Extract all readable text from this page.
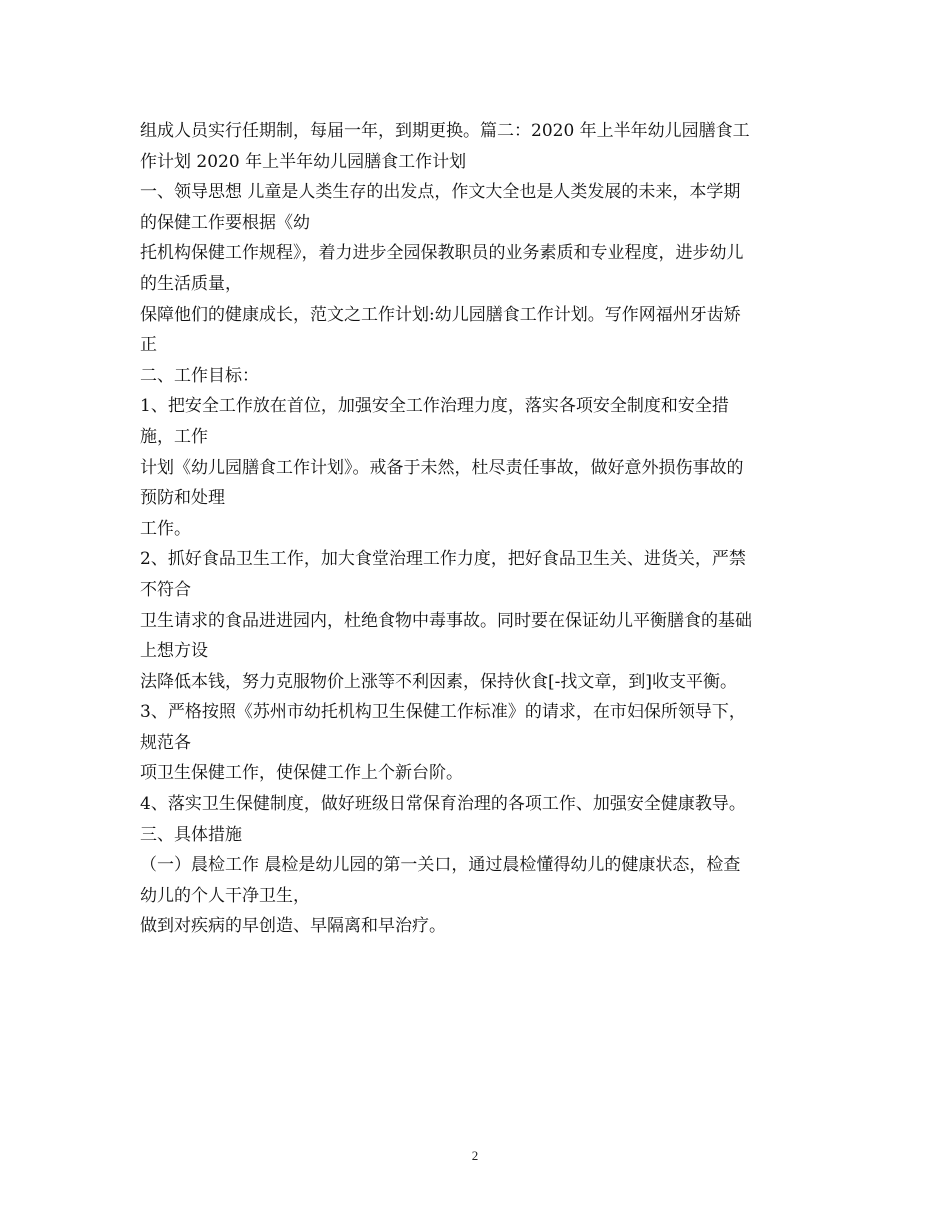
组成人员实行任期制，每届一年，到期更换。篇二：2020 年上半年幼儿园膳食工
作计划 2020 年上半年幼儿园膳食工作计划
一、领导思想 儿童是人类生存的出发点，作文大全也是人类发展的未来，本学期
的保健工作要根据《幼
托机构保健工作规程》，着力进步全园保教职员的业务素质和专业程度，进步幼儿
的生活质量，
保障他们的健康成长，范文之工作计划:幼儿园膳食工作计划。写作网福州牙齿矫
正
二、工作目标：
1、把安全工作放在首位，加强安全工作治理力度，落实各项安全制度和安全措
施，工作
计划《幼儿园膳食工作计划》。戒备于未然，杜尽责任事故，做好意外损伤事故的
预防和处理
工作。
2、抓好食品卫生工作，加大食堂治理工作力度，把好食品卫生关、进货关，严禁
不符合
卫生请求的食品进进园内，杜绝食物中毒事故。同时要在保证幼儿平衡膳食的基础
上想方设
法降低本钱，努力克服物价上涨等不利因素，保持伙食[-找文章，到]收支平衡。
3、严格按照《苏州市幼托机构卫生保健工作标准》的请求，在市妇保所领导下，
规范各
项卫生保健工作，使保健工作上个新台阶。
4、落实卫生保健制度，做好班级日常保育治理的各项工作、加强安全健康教导。
三、具体措施
（一）晨检工作 晨检是幼儿园的第一关口，通过晨检懂得幼儿的健康状态，检查
幼儿的个人干净卫生，
做到对疾病的早创造、早隔离和早治疗。
2
